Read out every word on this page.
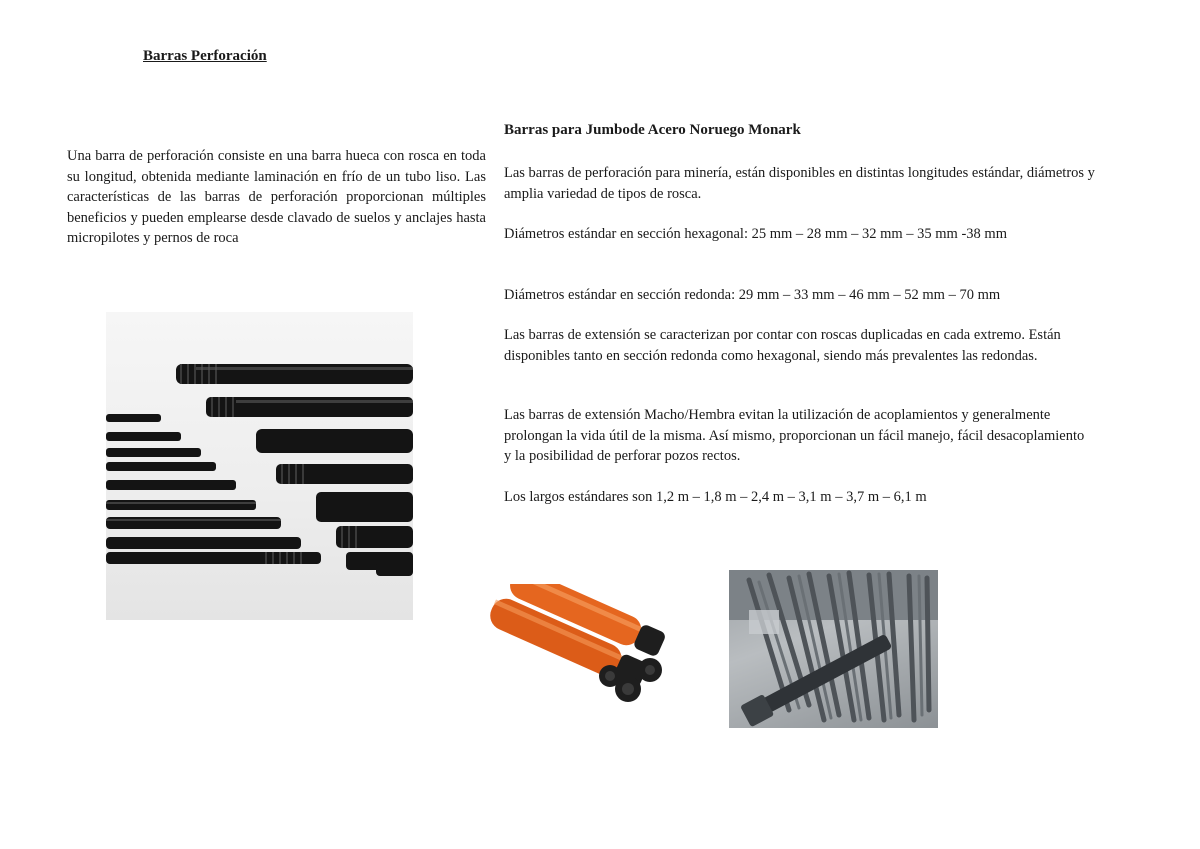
Barras Perforación
Una barra de perforación consiste en una barra hueca con rosca en toda su longitud, obtenida mediante laminación en frío de un tubo liso. Las características de las barras de perforación proporcionan múltiples beneficios y pueden emplearse desde clavado de suelos y anclajes hasta micropilotes y pernos de roca
Barras para Jumbode Acero Noruego Monark
Las barras de perforación para minería, están disponibles en distintas longitudes estándar, diámetros y amplia variedad de tipos de rosca.
Diámetros estándar en sección hexagonal: 25 mm – 28 mm – 32 mm – 35 mm -38 mm
Diámetros estándar en sección redonda: 29 mm – 33 mm – 46 mm – 52 mm – 70 mm
Las barras de extensión se caracterizan por contar con roscas duplicadas en cada extremo. Están disponibles tanto en sección redonda como hexagonal, siendo más prevalentes las redondas.
Las barras de extensión Macho/Hembra evitan la utilización de acoplamientos y generalmente prolongan la vida útil de la misma. Así mismo, proporcionan un fácil manejo, fácil desacoplamiento y la posibilidad de perforar pozos rectos.
Los largos estándares son 1,2 m – 1,8 m – 2,4 m – 3,1 m – 3,7 m – 6,1 m
